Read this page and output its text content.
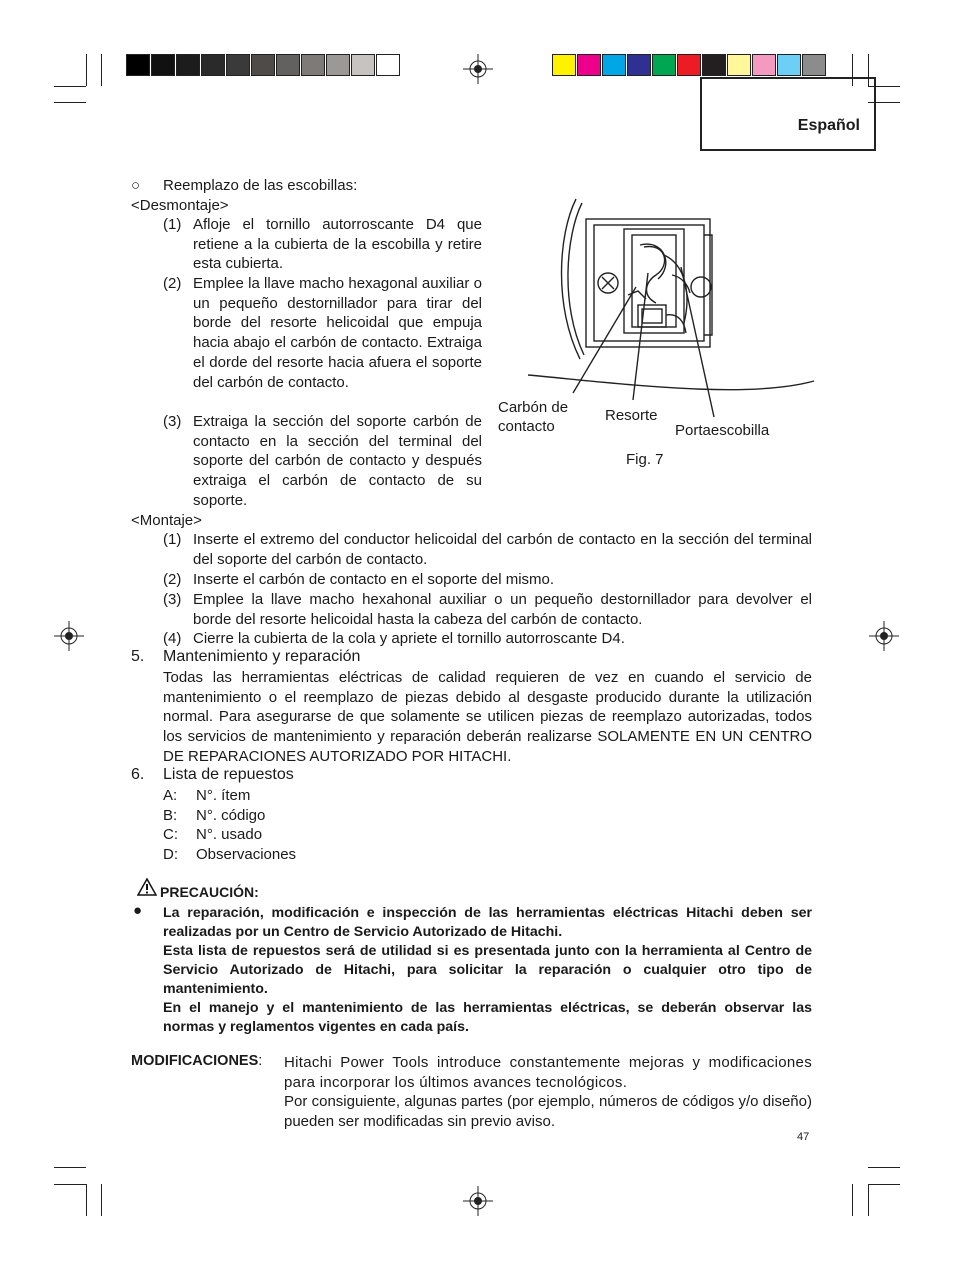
Español
○ Reemplazo de las escobillas:
<Desmontaje>
(1) Afloje el tornillo autorroscante D4 que retiene a la cubierta de la escobilla y retire esta cubierta.
(2) Emplee la llave macho hexagonal auxiliar o un pequeño destornillador para tirar del borde del resorte helicoidal que empuja hacia abajo el carbón de contacto. Extraiga el dorde del resorte hacia afuera el soporte del carbón de contacto.
(3) Extraiga la sección del soporte carbón de contacto en la sección del terminal del soporte del carbón de contacto y después extraiga el carbón de contacto de su soporte.
<Montaje>
(1) Inserte el extremo del conductor helicoidal del carbón de contacto en la sección del terminal del soporte del carbón de contacto.
(2) Inserte el carbón de contacto en el soporte del mismo.
(3) Emplee la llave macho hexahonal auxiliar o un pequeño destornillador para devolver el borde del resorte helicoidal hasta la cabeza del carbón de contacto.
(4) Cierre la cubierta de la cola y apriete el tornillo autorroscante D4.
Carbón de
contacto
Resorte
Portaescobilla
Fig. 7
5. Mantenimiento y reparación
Todas las herramientas eléctricas de calidad requieren de vez en cuando el servicio de mantenimiento o el reemplazo de piezas debido al desgaste producido durante la utilización normal. Para asegurarse de que solamente se utilicen piezas de reemplazo autorizadas, todos los servicios de mantenimiento y reparación deberán realizarse SOLAMENTE EN UN CENTRO DE REPARACIONES AUTORIZADO POR HITACHI.
6. Lista de repuestos
A: N°. ítem
B: N°. código
C: N°. usado
D: Observaciones
PRECAUCIÓN:
● La reparación, modificación e inspección de las herramientas eléctricas Hitachi deben ser realizadas por un Centro de Servicio Autorizado de Hitachi.
Esta lista de repuestos será de utilidad si es presentada junto con la herramienta al Centro de Servicio Autorizado de Hitachi, para solicitar la reparación o cualquier otro tipo de mantenimiento.
En el manejo y el mantenimiento de las herramientas eléctricas, se deberán observar las normas y reglamentos vigentes en cada país.
MODIFICACIONES: Hitachi Power Tools introduce constantemente mejoras y modificaciones para incorporar los últimos avances tecnológicos.
Por consiguiente, algunas partes (por ejemplo, números de códigos y/o diseño) pueden ser modificadas sin previo aviso.
47
